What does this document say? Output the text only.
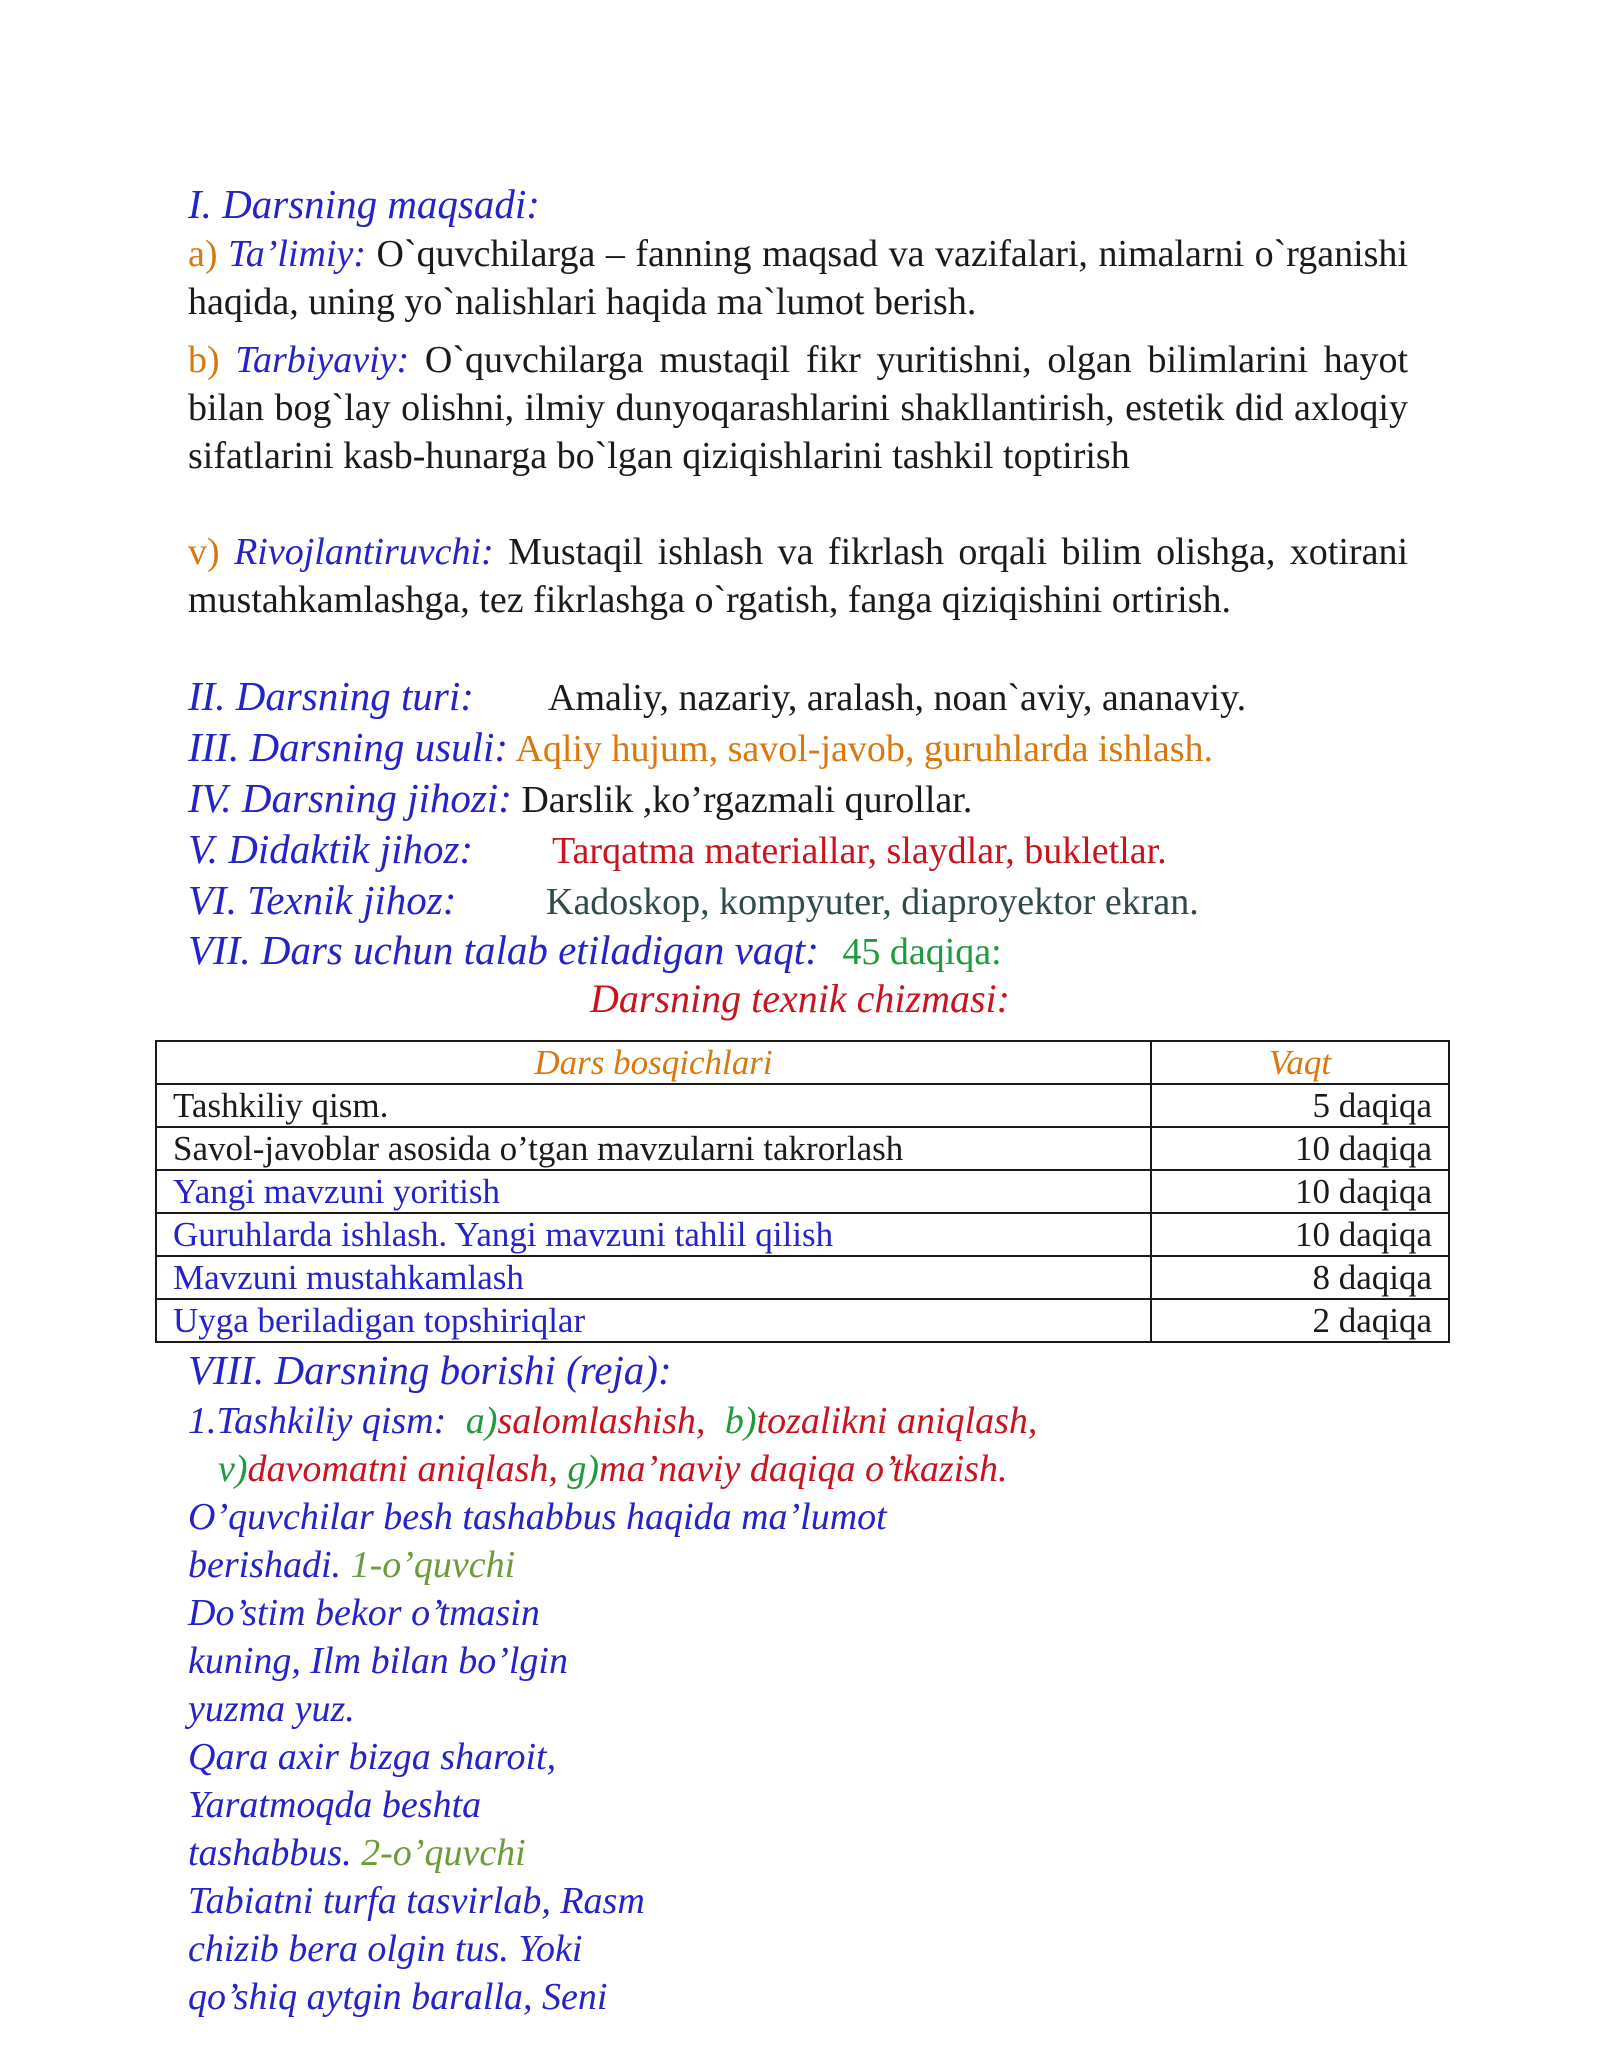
I. Darsning maqsadi:

a) Ta’limiy: O`quvchilarga – fanning maqsad va vazifalari, nimalarni o`rganishi haqida, uning yo`nalishlari haqida ma`lumot berish.

b) Tarbiyaviy: O`quvchilarga mustaqil fikr yuritishni, olgan bilimlarini hayot bilan bog`lay olishni, ilmiy dunyoqarashlarini shakllantirish, estetik did axloqiy sifatlarini kasb-hunarga bo`lgan qiziqishlarini tashkil toptirish

v) Rivojlantiruvchi: Mustaqil ishlash va fikrlash orqali bilim olishga, xotirani mustahkamlashga, tez fikrlashga o`rgatish, fanga qiziqishini ortirish.

II. Darsning turi: Amaliy, nazariy, aralash, noan`aviy, ananaviy.

III. Darsning usuli: Aqliy hujum, savol-javob, guruhlarda ishlash.

IV. Darsning jihozi: Darslik ,ko’rgazmali qurollar.

V. Didaktik jihoz: Tarqatma materiallar, slaydlar, bukletlar.

VI. Texnik jihoz: Kadoskop, kompyuter, diaproyektor ekran.

VII. Dars uchun talab etiladigan vaqt: 45 daqiqa:

Darsning texnik chizmasi:
Dars bosqichlari	Vaqt
Tashkiliy qism.	5 daqiqa
Savol-javoblar asosida o’tgan mavzularni takrorlash	10 daqiqa
Yangi mavzuni yoritish	10 daqiqa
Guruhlarda ishlash. Yangi mavzuni tahlil qilish	10 daqiqa
Mavzuni mustahkamlash	8 daqiqa
Uyga beriladigan topshiriqlar	2 daqiqa

VIII. Darsning borishi (reja):

1.Tashkiliy qism: a)salomlashish, b)tozalikni aniqlash,

v)davomatni aniqlash, g)ma’naviy daqiqa o’tkazish.

O’quvchilar besh tashabbus haqida ma’lumot

berishadi. 1-o’quvchi

Do’stim bekor o’tmasin

kuning, Ilm bilan bo’lgin

yuzma yuz.

Qara axir bizga sharoit,

Yaratmoqda beshta

tashabbus. 2-o’quvchi

Tabiatni turfa tasvirlab, Rasm

chizib bera olgin tus. Yoki

qo’shiq aytgin baralla, Seni
